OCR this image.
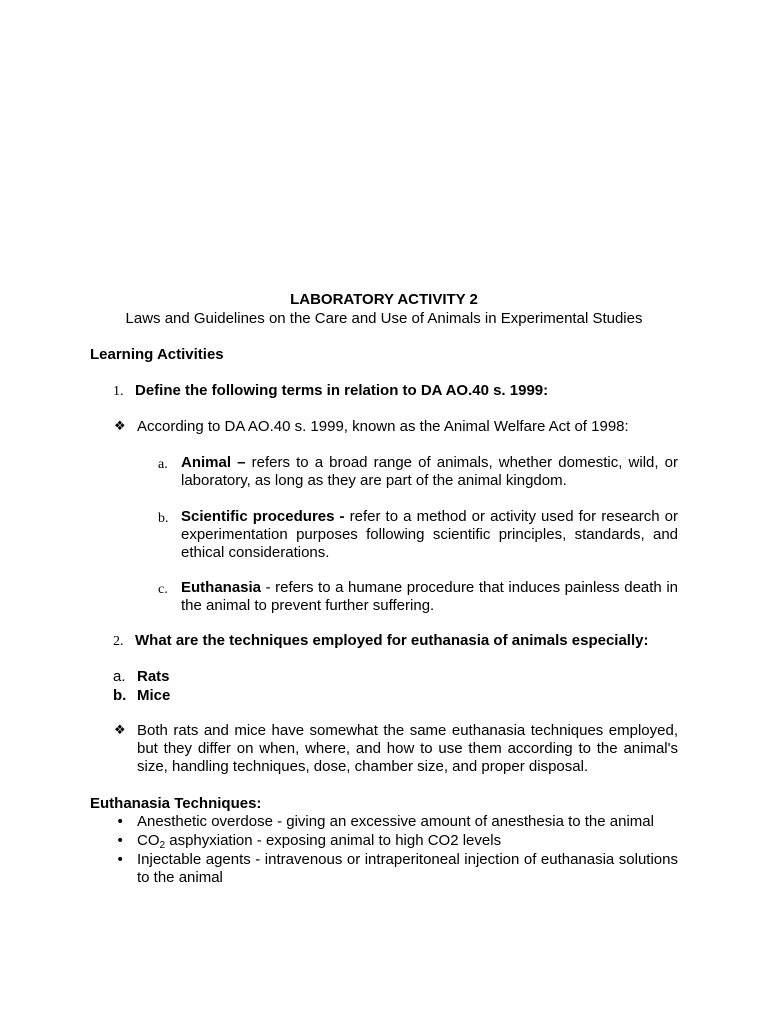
LABORATORY ACTIVITY 2
Laws and Guidelines on the Care and Use of Animals in Experimental Studies
Learning Activities
1. Define the following terms in relation to DA AO.40 s. 1999:
❖ According to DA AO.40 s. 1999, known as the Animal Welfare Act of 1998:
a. Animal – refers to a broad range of animals, whether domestic, wild, or laboratory, as long as they are part of the animal kingdom.
b. Scientific procedures - refer to a method or activity used for research or experimentation purposes following scientific principles, standards, and ethical considerations.
c. Euthanasia - refers to a humane procedure that induces painless death in the animal to prevent further suffering.
2. What are the techniques employed for euthanasia of animals especially:
a. Rats
b. Mice
❖ Both rats and mice have somewhat the same euthanasia techniques employed, but they differ on when, where, and how to use them according to the animal's size, handling techniques, dose, chamber size, and proper disposal.
Euthanasia Techniques:
• Anesthetic overdose - giving an excessive amount of anesthesia to the animal
• $CO_2$ asphyxiation - exposing animal to high CO2 levels
• Injectable agents - intravenous or intraperitoneal injection of euthanasia solutions to the animal
